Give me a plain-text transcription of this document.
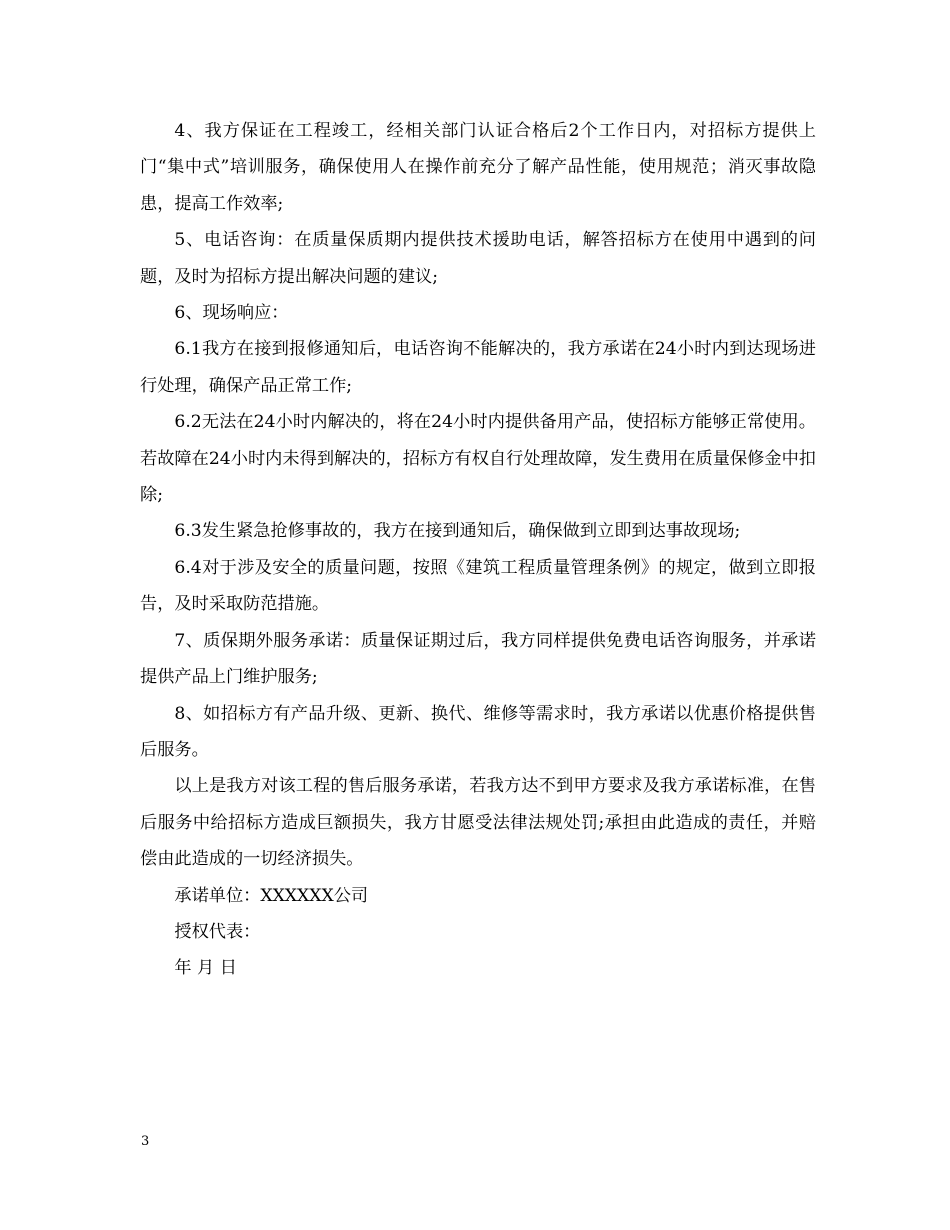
4、我方保证在工程竣工，经相关部门认证合格后2个工作日内，对招标方提供上门“集中式”培训服务，确保使用人在操作前充分了解产品性能，使用规范；消灭事故隐患，提高工作效率;

5、电话咨询：在质量保质期内提供技术援助电话，解答招标方在使用中遇到的问题，及时为招标方提出解决问题的建议;

6、现场响应：

6.1我方在接到报修通知后，电话咨询不能解决的，我方承诺在24小时内到达现场进行处理，确保产品正常工作;

6.2无法在24小时内解决的，将在24小时内提供备用产品，使招标方能够正常使用。若故障在24小时内未得到解决的，招标方有权自行处理故障，发生费用在质量保修金中扣除;

6.3发生紧急抢修事故的，我方在接到通知后，确保做到立即到达事故现场;

6.4对于涉及安全的质量问题，按照《建筑工程质量管理条例》的规定，做到立即报告，及时采取防范措施。

7、质保期外服务承诺：质量保证期过后，我方同样提供免费电话咨询服务，并承诺提供产品上门维护服务;

8、如招标方有产品升级、更新、换代、维修等需求时，我方承诺以优惠价格提供售后服务。

以上是我方对该工程的售后服务承诺，若我方达不到甲方要求及我方承诺标准，在售后服务中给招标方造成巨额损失，我方甘愿受法律法规处罚;承担由此造成的责任，并赔偿由此造成的一切经济损失。

承诺单位：XXXXXX公司

授权代表：

年 月 日

3
